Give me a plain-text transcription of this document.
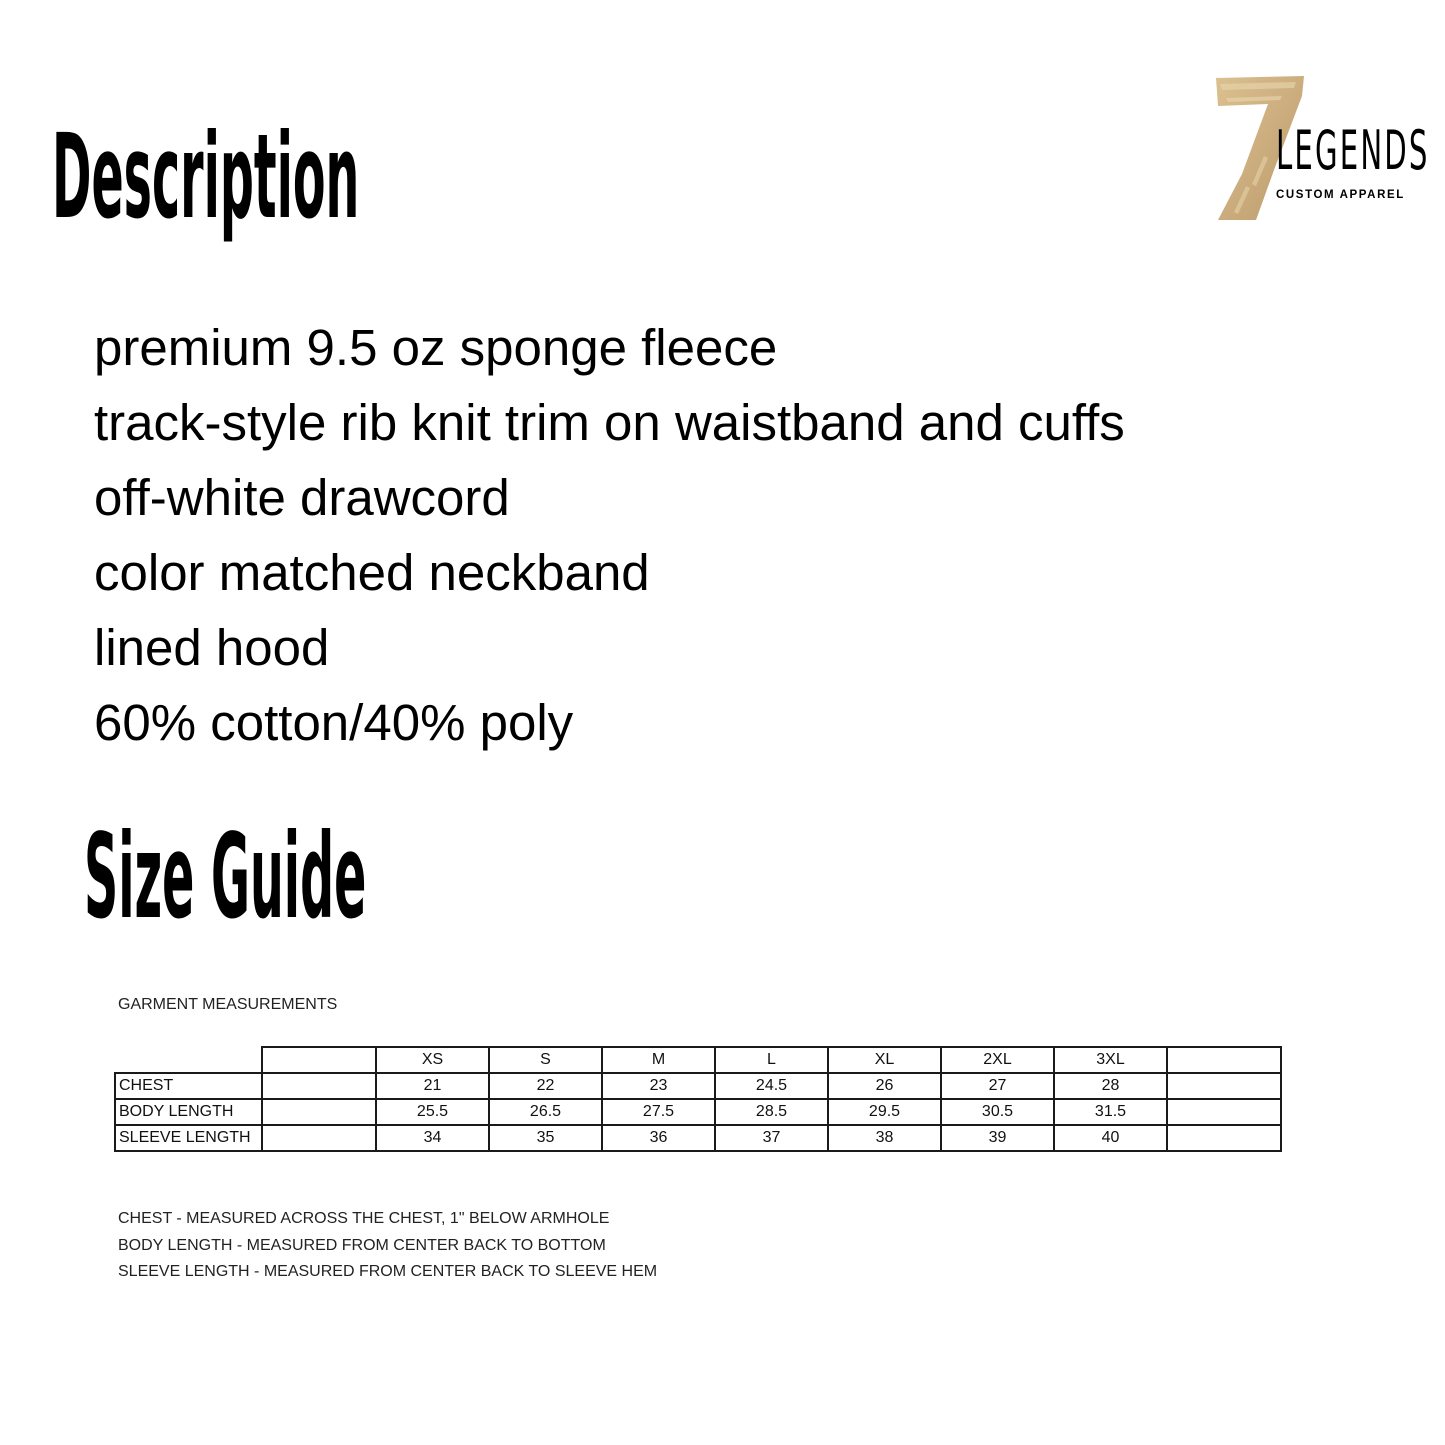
Description	LEGENDS
CUSTOM APPAREL
premium 9.5 oz sponge fleece
track-style rib knit trim on waistband and cuffs
off-white drawcord
color matched neckband
lined hood
60% cotton/40% poly
Size Guide
GARMENT MEASUREMENTS
		XS	S	M	L	XL	2XL	3XL	
CHEST		21	22	23	24.5	26	27	28	
BODY LENGTH		25.5	26.5	27.5	28.5	29.5	30.5	31.5	
SLEEVE LENGTH		34	35	36	37	38	39	40	
CHEST - MEASURED ACROSS THE CHEST, 1" BELOW ARMHOLE
BODY LENGTH - MEASURED FROM CENTER BACK TO BOTTOM
SLEEVE LENGTH - MEASURED FROM CENTER BACK TO SLEEVE HEM
